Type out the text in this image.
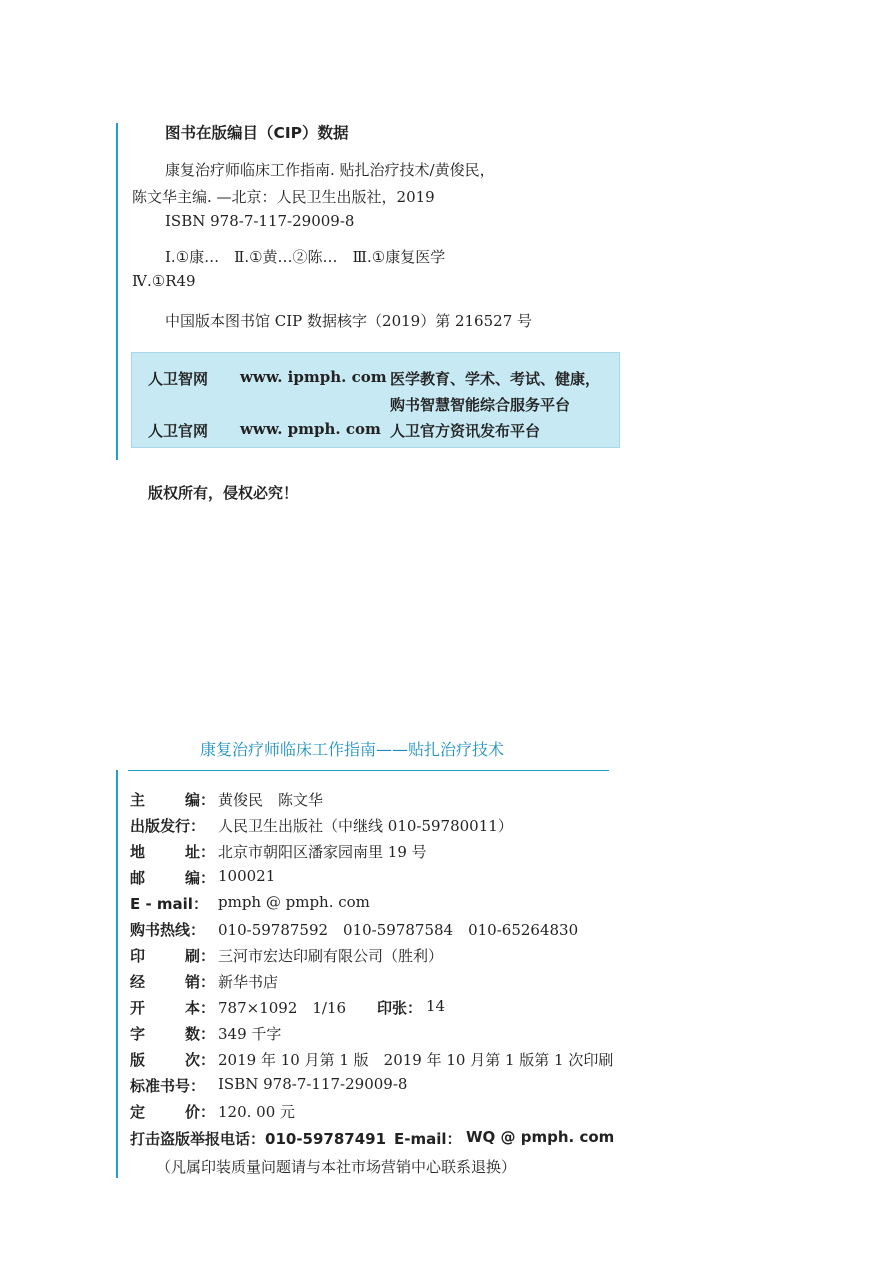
图书在版编目（CIP）数据
康复治疗师临床工作指南. 贴扎治疗技术/黄俊民，
陈文华主编. —北京：人民卫生出版社，2019
ISBN 978-7-117-29009-8
Ⅰ.①康…　Ⅱ.①黄…②陈…　Ⅲ.①康复医学
Ⅳ.①R49
中国版本图书馆 CIP 数据核字（2019）第 216527 号
人卫智网 www. ipmph. com 医学教育、学术、考试、健康，
购书智慧智能综合服务平台
人卫官网 www. pmph. com 人卫官方资讯发布平台
版权所有，侵权必究！
康复治疗师临床工作指南——贴扎治疗技术
主	编： 黄俊民　陈文华
出版发行： 人民卫生出版社（中继线 010-59780011）
地	址： 北京市朝阳区潘家园南里 19 号
邮	编： 100021
E - mail： pmph @ pmph. com
购书热线： 010-59787592　010-59787584　010-65264830
印	刷： 三河市宏达印刷有限公司（胜利）
经	销： 新华书店
开	本： 787×1092　1/16 印张： 14
字	数： 349 千字
版	次： 2019 年 10 月第 1 版　2019 年 10 月第 1 版第 1 次印刷
标准书号： ISBN 978-7-117-29009-8
定	价： 120. 00 元
打击盗版举报电话：010-59787491 E-mail： WQ @ pmph. com
（凡属印装质量问题请与本社市场营销中心联系退换）
